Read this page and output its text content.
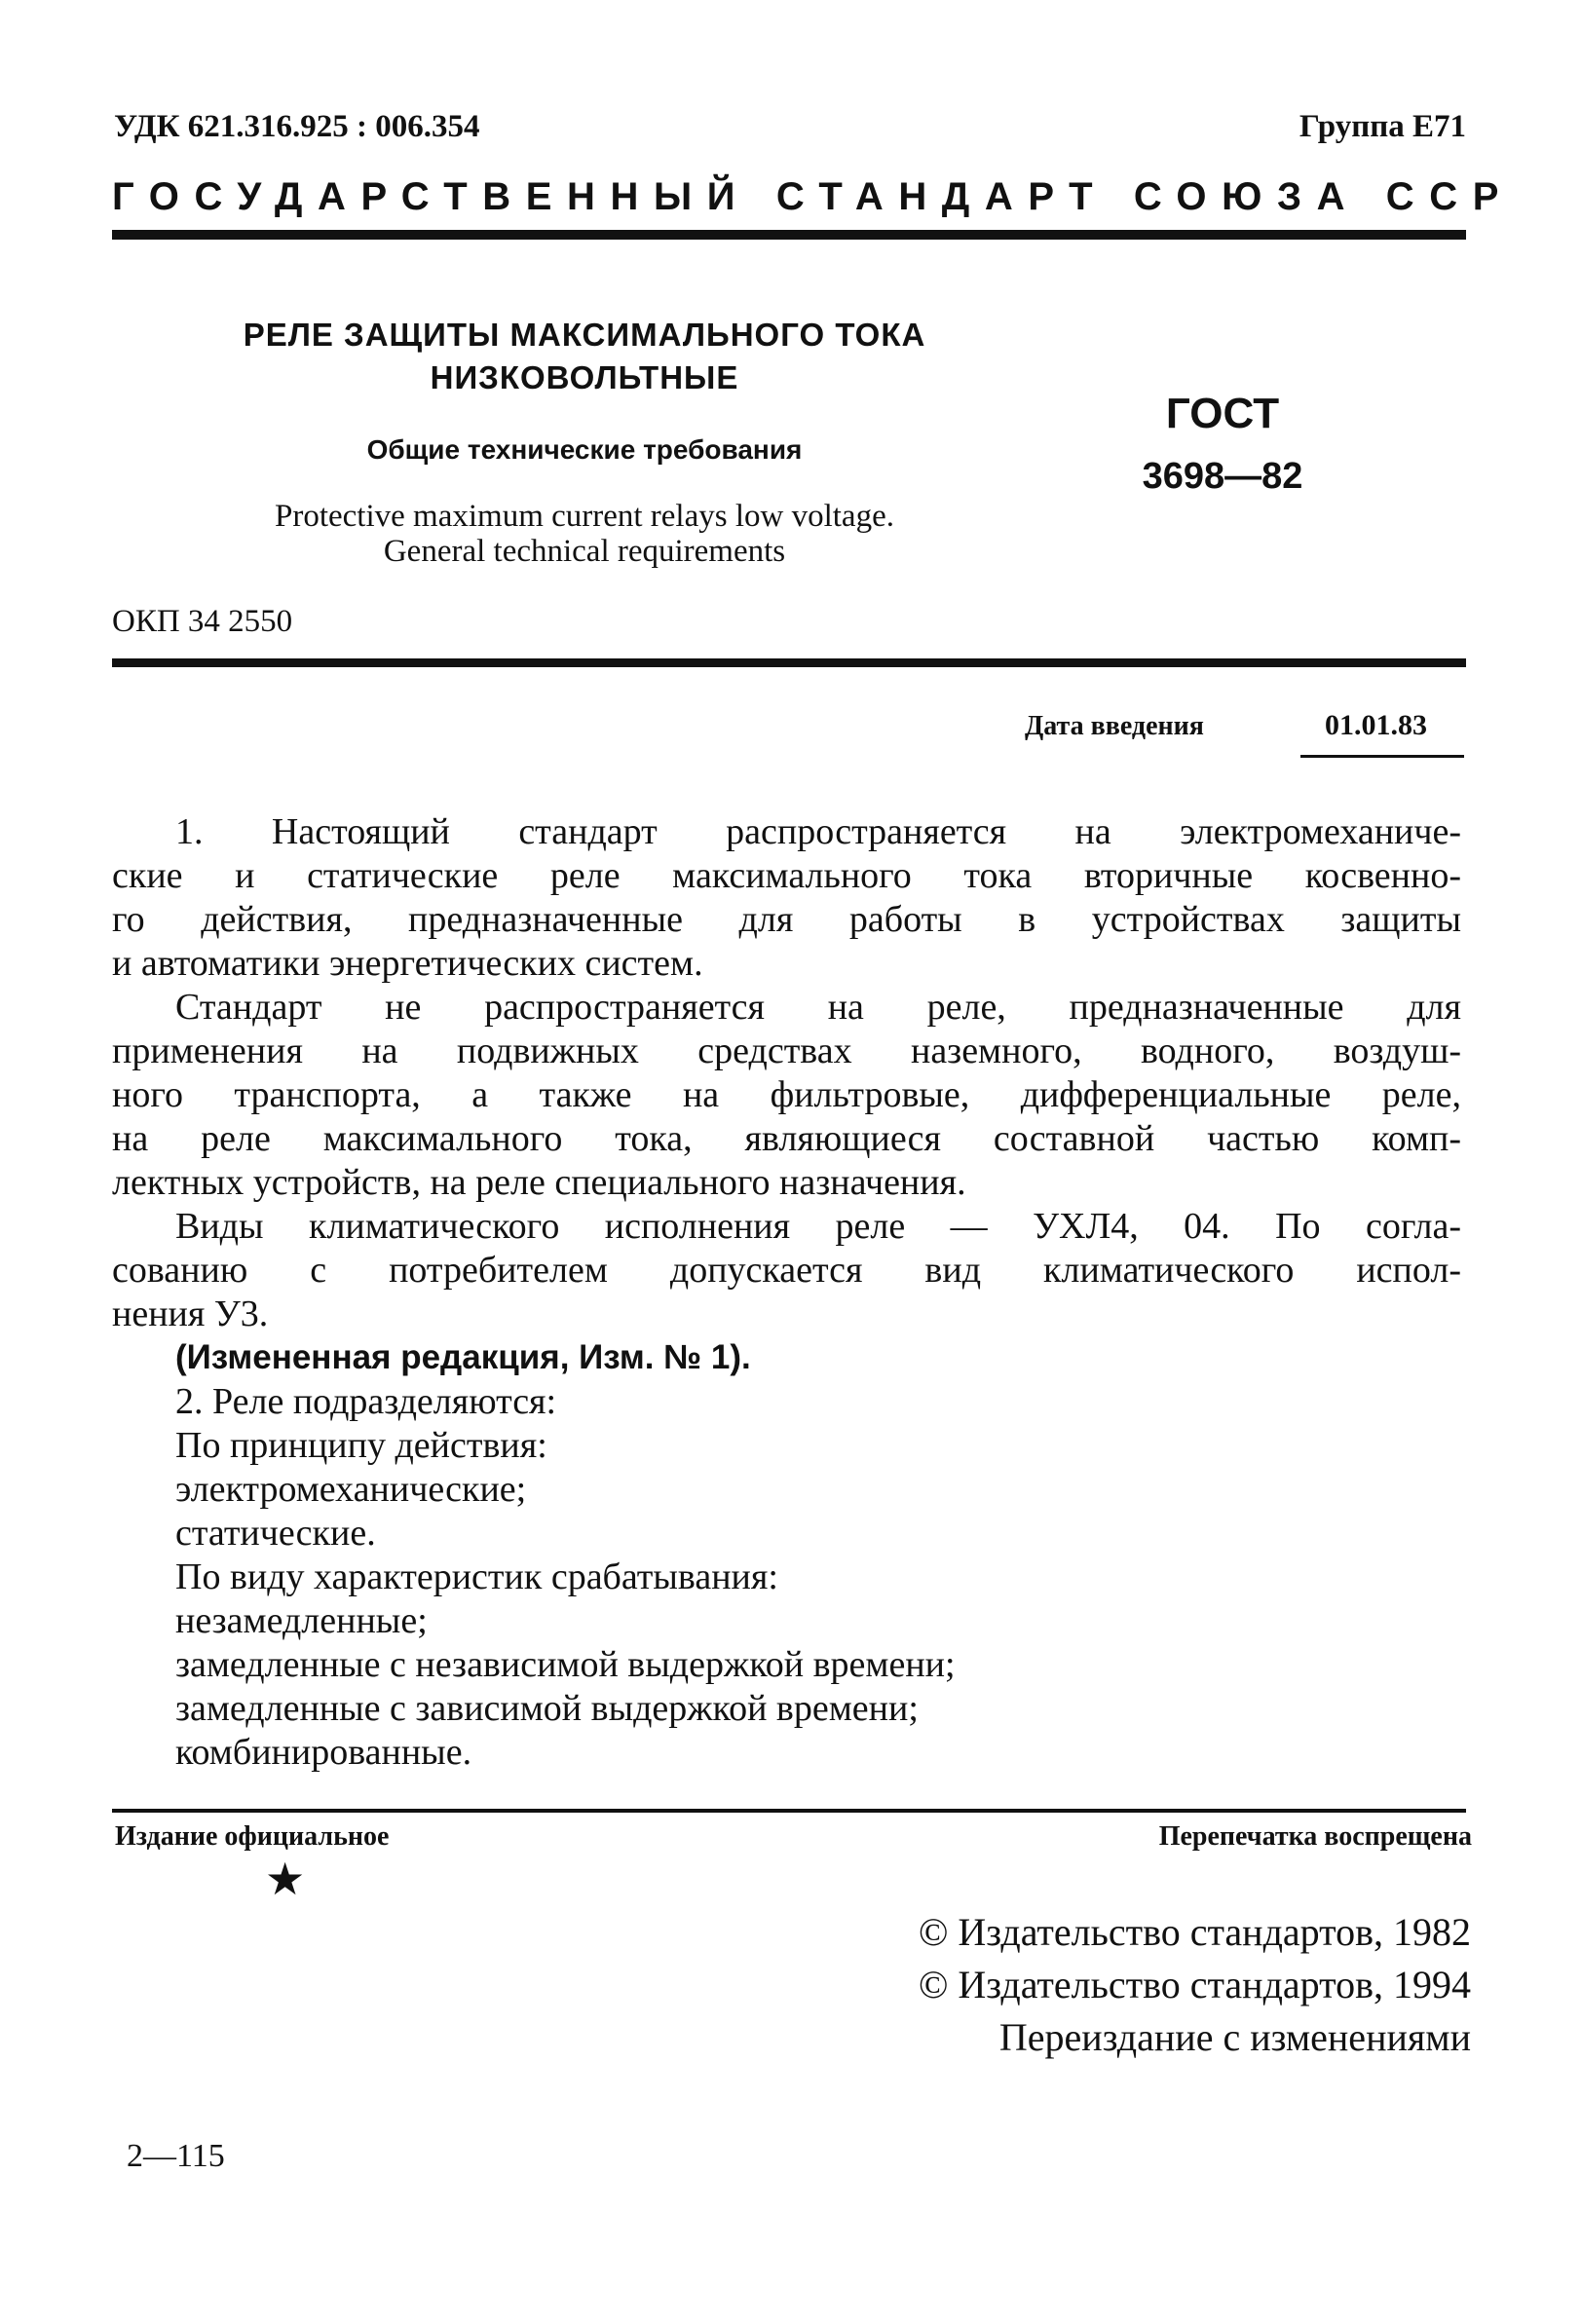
УДК 621.316.925 : 006.354	Группа Е71
ГОСУДАРСТВЕННЫЙ СТАНДАРТ СОЮЗА ССР
РЕЛЕ ЗАЩИТЫ МАКСИМАЛЬНОГО ТОКА
НИЗКОВОЛЬТНЫЕ
Общие технические требования
Protective maximum current relays low voltage.
General technical requirements
ГОСТ
3698—82
ОКП 34 2550
Дата введения	01.01.83
1. Настоящий стандарт распространяется на электромеханиче-
ские и статические реле максимального тока вторичные косвенно-
го действия, предназначенные для работы в устройствах защиты
и автоматики энергетических систем.
Стандарт не распространяется на реле, предназначенные для
применения на подвижных средствах наземного, водного, воздуш-
ного транспорта, а также на фильтровые, дифференциальные реле,
на реле максимального тока, являющиеся составной частью комп-
лектных устройств, на реле специального назначения.
Виды климатического исполнения реле — УХЛ4, 04. По согла-
сованию с потребителем допускается вид климатического испол-
нения У3.
(Измененная редакция, Изм. № 1).
2. Реле подразделяются:
По принципу действия:
электромеханические;
статические.
По виду характеристик срабатывания:
незамедленные;
замедленные с независимой выдержкой времени;
замедленные с зависимой выдержкой времени;
комбинированные.
Издание официальное	Перепечатка воспрещена
★
© Издательство стандартов, 1982
© Издательство стандартов, 1994
Переиздание с изменениями
2—115
